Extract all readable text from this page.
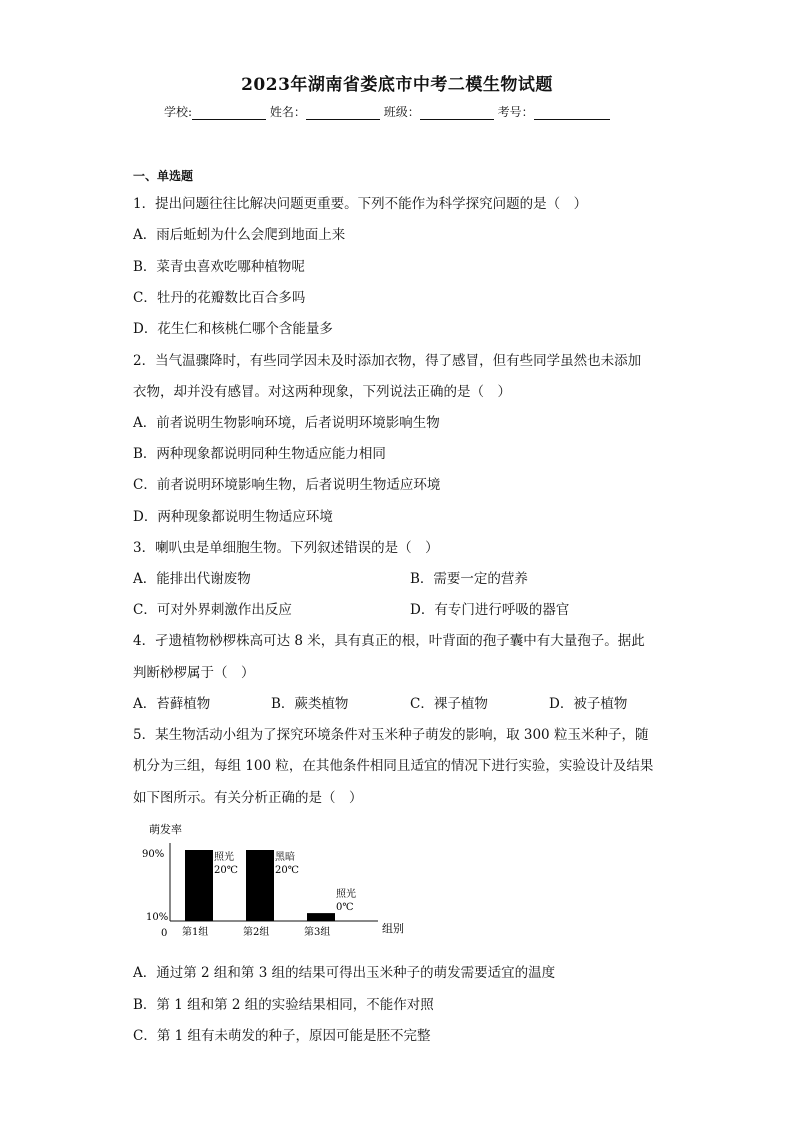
2023年湖南省娄底市中考二模生物试题
学校:	姓名：	班级：	考号：
一、单选题
1．提出问题往往比解决问题更重要。下列不能作为科学探究问题的是（　）
A．雨后蚯蚓为什么会爬到地面上来
B．菜青虫喜欢吃哪种植物呢
C．牡丹的花瓣数比百合多吗
D．花生仁和核桃仁哪个含能量多
2．当气温骤降时，有些同学因未及时添加衣物，得了感冒，但有些同学虽然也未添加
衣物，却并没有感冒。对这两种现象，下列说法正确的是（　）
A．前者说明生物影响环境，后者说明环境影响生物
B．两种现象都说明同种生物适应能力相同
C．前者说明环境影响生物，后者说明生物适应环境
D．两种现象都说明生物适应环境
3．喇叭虫是单细胞生物。下列叙述错误的是（　）
A．能排出代谢废物	B．需要一定的营养
C．可对外界刺激作出反应	D．有专门进行呼吸的器官
4．孑遗植物桫椤株高可达 8 米，具有真正的根，叶背面的孢子囊中有大量孢子。据此
判断桫椤属于（　）
A．苔藓植物	B．蕨类植物	C．裸子植物	D．被子植物
5．某生物活动小组为了探究环境条件对玉米种子萌发的影响，取 300 粒玉米种子，随
机分为三组，每组 100 粒，在其他条件相同且适宜的情况下进行实验，实验设计及结果
如下图所示。有关分析正确的是（　）
萌发率
90%
10%
0	组别
第1组
照光
20℃
第2组
黑暗
20℃
第3组
照光
0℃
A．通过第 2 组和第 3 组的结果可得出玉米种子的萌发需要适宜的温度
B．第 1 组和第 2 组的实验结果相同，不能作对照
C．第 1 组有未萌发的种子，原因可能是胚不完整
